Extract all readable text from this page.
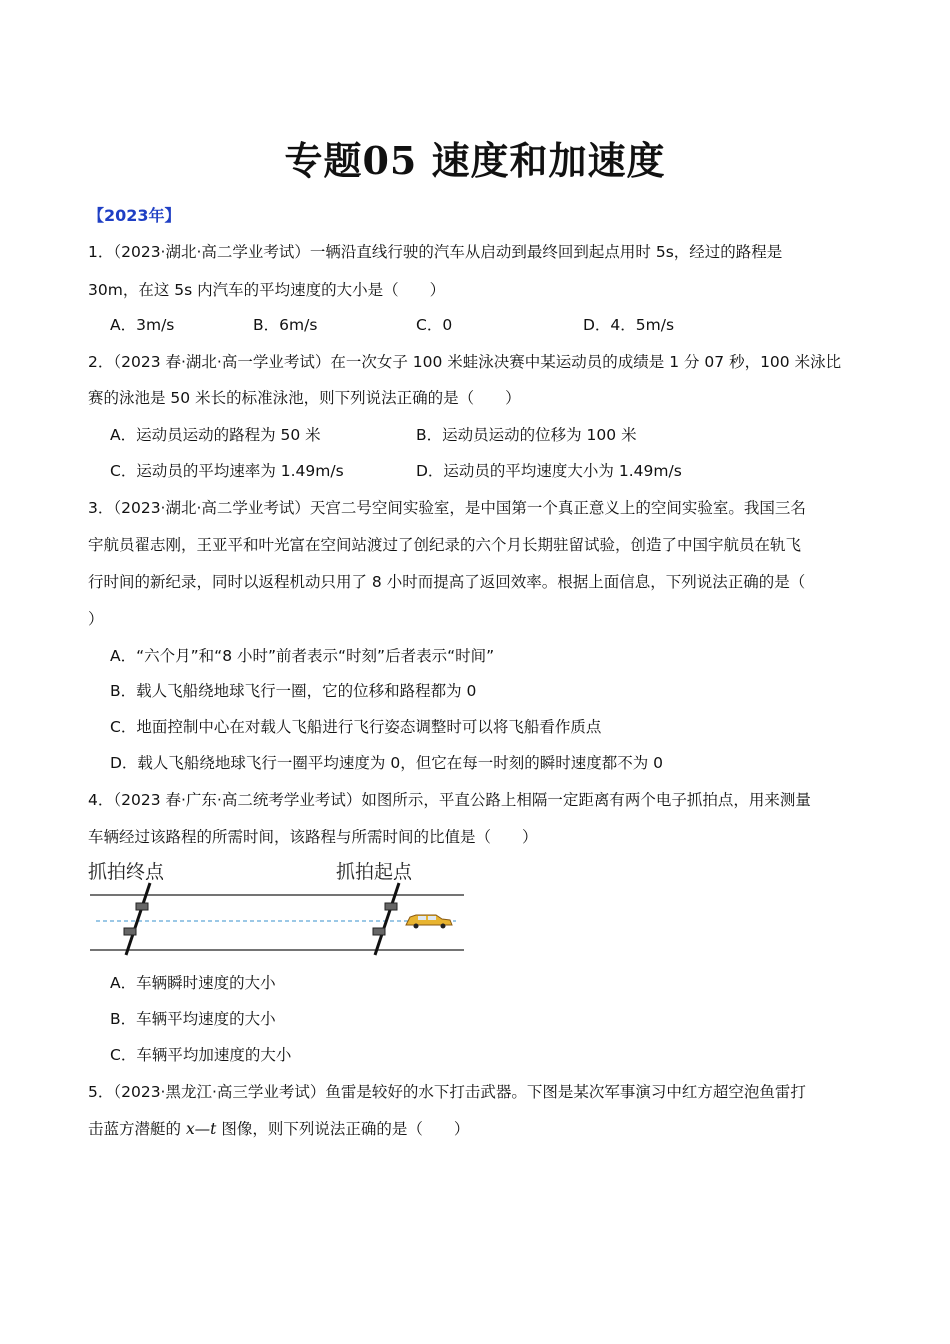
专题05 速度和加速度
【2023年】
1．（2023·湖北·高二学业考试）一辆沿直线行驶的汽车从启动到最终回到起点用时 5s，经过的路程是
30m，在这 5s 内汽车的平均速度的大小是（　　）
A．3m/s	B．6m/s	C．0	D．4．5m/s
2．（2023 春·湖北·高一学业考试）在一次女子 100 米蛙泳决赛中某运动员的成绩是 1 分 07 秒，100 米泳比
赛的泳池是 50 米长的标准泳池，则下列说法正确的是（　　）
A．运动员运动的路程为 50 米	B．运动员运动的位移为 100 米
C．运动员的平均速率为 1.49m/s	D．运动员的平均速度大小为 1.49m/s
3．（2023·湖北·高二学业考试）天宫二号空间实验室，是中国第一个真正意义上的空间实验室。我国三名
宇航员翟志刚，王亚平和叶光富在空间站渡过了创纪录的六个月长期驻留试验，创造了中国宇航员在轨飞
行时间的新纪录，同时以返程机动只用了 8 小时而提高了返回效率。根据上面信息，下列说法正确的是（
）
A．“六个月”和“8 小时”前者表示“时刻”后者表示“时间”
B．载人飞船绕地球飞行一圈，它的位移和路程都为 0
C．地面控制中心在对载人飞船进行飞行姿态调整时可以将飞船看作质点
D．载人飞船绕地球飞行一圈平均速度为 0，但它在每一时刻的瞬时速度都不为 0
4．（2023 春·广东·高二统考学业考试）如图所示，平直公路上相隔一定距离有两个电子抓拍点，用来测量
车辆经过该路程的所需时间，该路程与所需时间的比值是（　　）
抓拍终点	抓拍起点
A．车辆瞬时速度的大小
B．车辆平均速度的大小
C．车辆平均加速度的大小
5．（2023·黑龙江·高三学业考试）鱼雷是较好的水下打击武器。下图是某次军事演习中红方超空泡鱼雷打
击蓝方潜艇的 x—t 图像，则下列说法正确的是（　　）
